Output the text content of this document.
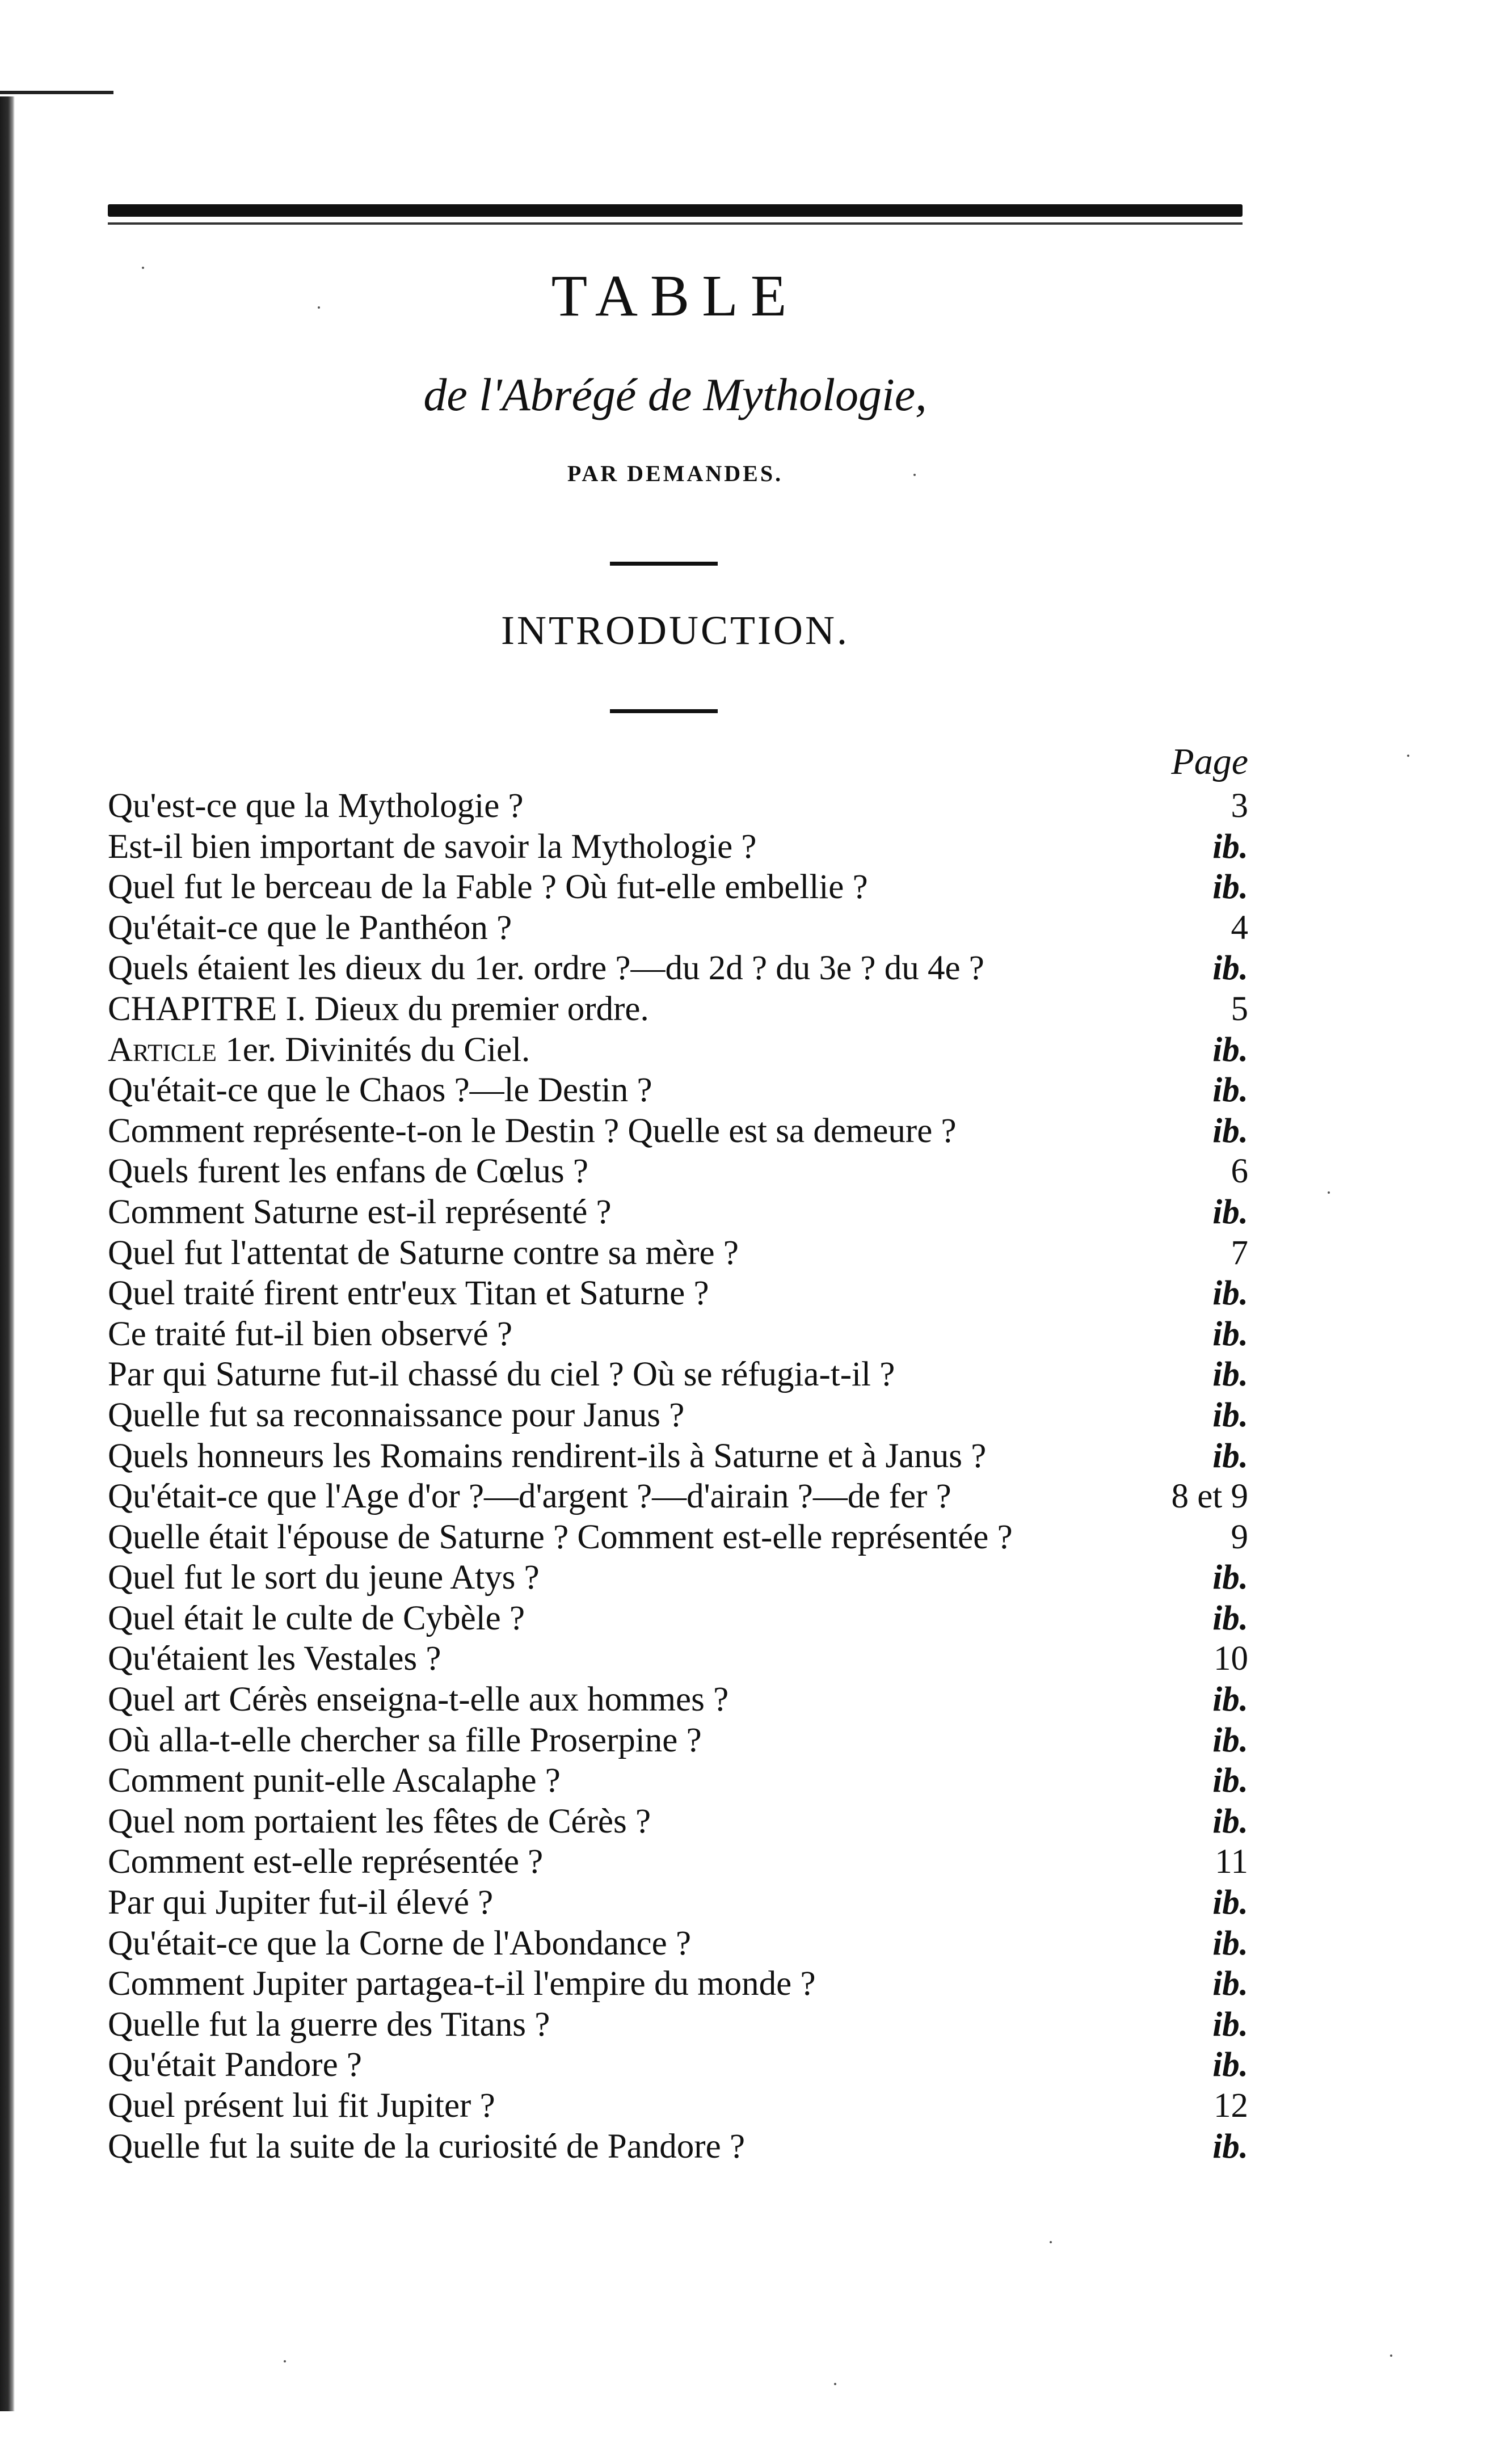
TABLE
de l'Abrégé de Mythologie,
PAR DEMANDES.
INTRODUCTION.
Page
Qu'est-ce que la Mythologie ?	3
Est-il bien important de savoir la Mythologie ?	ib.
Quel fut le berceau de la Fable ? Où fut-elle embellie ?	ib.
Qu'était-ce que le Panthéon ?	4
Quels étaient les dieux du 1er. ordre ?—du 2d ? du 3e ? du 4e ?	ib.
CHAPITRE I. Dieux du premier ordre.	5
Article 1er. Divinités du Ciel.	ib.
Qu'était-ce que le Chaos ?—le Destin ?	ib.
Comment représente-t-on le Destin ? Quelle est sa demeure ?	ib.
Quels furent les enfans de Cœlus ?	6
Comment Saturne est-il représenté ?	ib.
Quel fut l'attentat de Saturne contre sa mère ?	7
Quel traité firent entr'eux Titan et Saturne ?	ib.
Ce traité fut-il bien observé ?	ib.
Par qui Saturne fut-il chassé du ciel ? Où se réfugia-t-il ?	ib.
Quelle fut sa reconnaissance pour Janus ?	ib.
Quels honneurs les Romains rendirent-ils à Saturne et à Janus ?	ib.
Qu'était-ce que l'Age d'or ?—d'argent ?—d'airain ?—de fer ?	8 et 9
Quelle était l'épouse de Saturne ? Comment est-elle représentée ?	9
Quel fut le sort du jeune Atys ?	ib.
Quel était le culte de Cybèle ?	ib.
Qu'étaient les Vestales ?	10
Quel art Cérès enseigna-t-elle aux hommes ?	ib.
Où alla-t-elle chercher sa fille Proserpine ?	ib.
Comment punit-elle Ascalaphe ?	ib.
Quel nom portaient les fêtes de Cérès ?	ib.
Comment est-elle représentée ?	11
Par qui Jupiter fut-il élevé ?	ib.
Qu'était-ce que la Corne de l'Abondance ?	ib.
Comment Jupiter partagea-t-il l'empire du monde ?	ib.
Quelle fut la guerre des Titans ?	ib.
Qu'était Pandore ?	ib.
Quel présent lui fit Jupiter ?	12
Quelle fut la suite de la curiosité de Pandore ?	ib.
